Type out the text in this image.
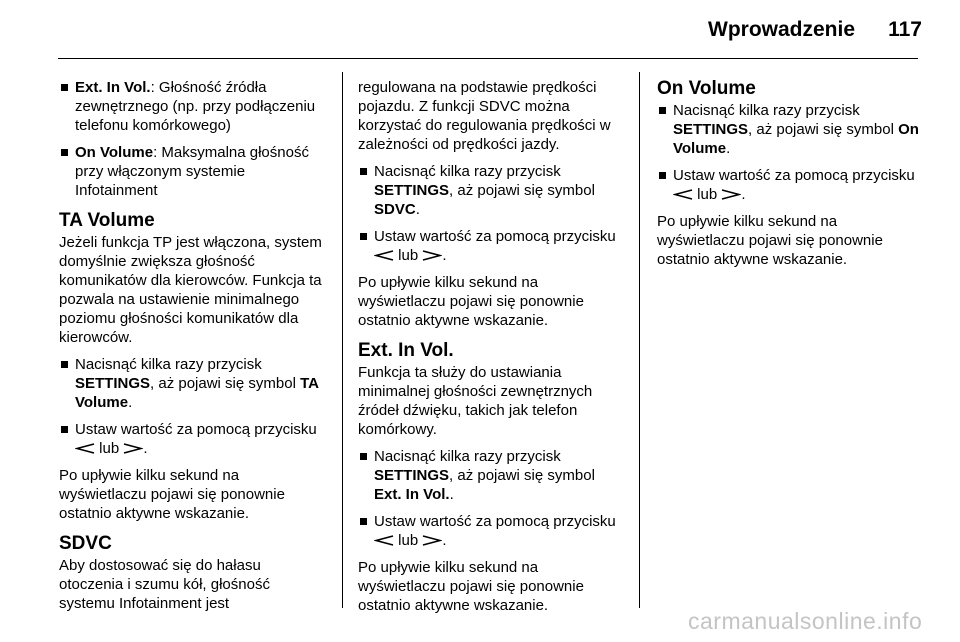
Wprowadzenie 117
Ext. In Vol.: Głośność źródła zewnętrznego (np. przy podłączeniu telefonu komórkowego)
On Volume: Maksymalna głośność przy włączonym systemie Infotainment
TA Volume

Jeżeli funkcja TP jest włączona, system domyślnie zwiększa głośność komunikatów dla kierowców. Funkcja ta pozwala na ustawienie minimalnego poziomu głośności komunikatów dla kierowców.

Nacisnąć kilka razy przycisk SETTINGS, aż pojawi się symbol TA Volume.
Ustaw wartość za pomocą przycisku  lub .

Po upływie kilku sekund na wyświetlaczu pojawi się ponownie ostatnio aktywne wskazanie.

SDVC

Aby dostosować się do hałasu otoczenia i szumu kół, głośność systemu Infotainment jest

regulowana na podstawie prędkości pojazdu. Z funkcji SDVC można korzystać do regulowania prędkości w zależności od prędkości jazdy.

Nacisnąć kilka razy przycisk SETTINGS, aż pojawi się symbol SDVC.
Ustaw wartość za pomocą przycisku  lub .

Po upływie kilku sekund na wyświetlaczu pojawi się ponownie ostatnio aktywne wskazanie.

Ext. In Vol.

Funkcja ta służy do ustawiania minimalnej głośności zewnętrznych źródeł dźwięku, takich jak telefon komórkowy.

Nacisnąć kilka razy przycisk SETTINGS, aż pojawi się symbol Ext. In Vol..
Ustaw wartość za pomocą przycisku  lub .

Po upływie kilku sekund na wyświetlaczu pojawi się ponownie ostatnio aktywne wskazanie.

On Volume
Nacisnąć kilka razy przycisk SETTINGS, aż pojawi się symbol On Volume.
Ustaw wartość za pomocą przycisku  lub .

Po upływie kilku sekund na wyświetlaczu pojawi się ponownie ostatnio aktywne wskazanie.

carmanualsonline.info
